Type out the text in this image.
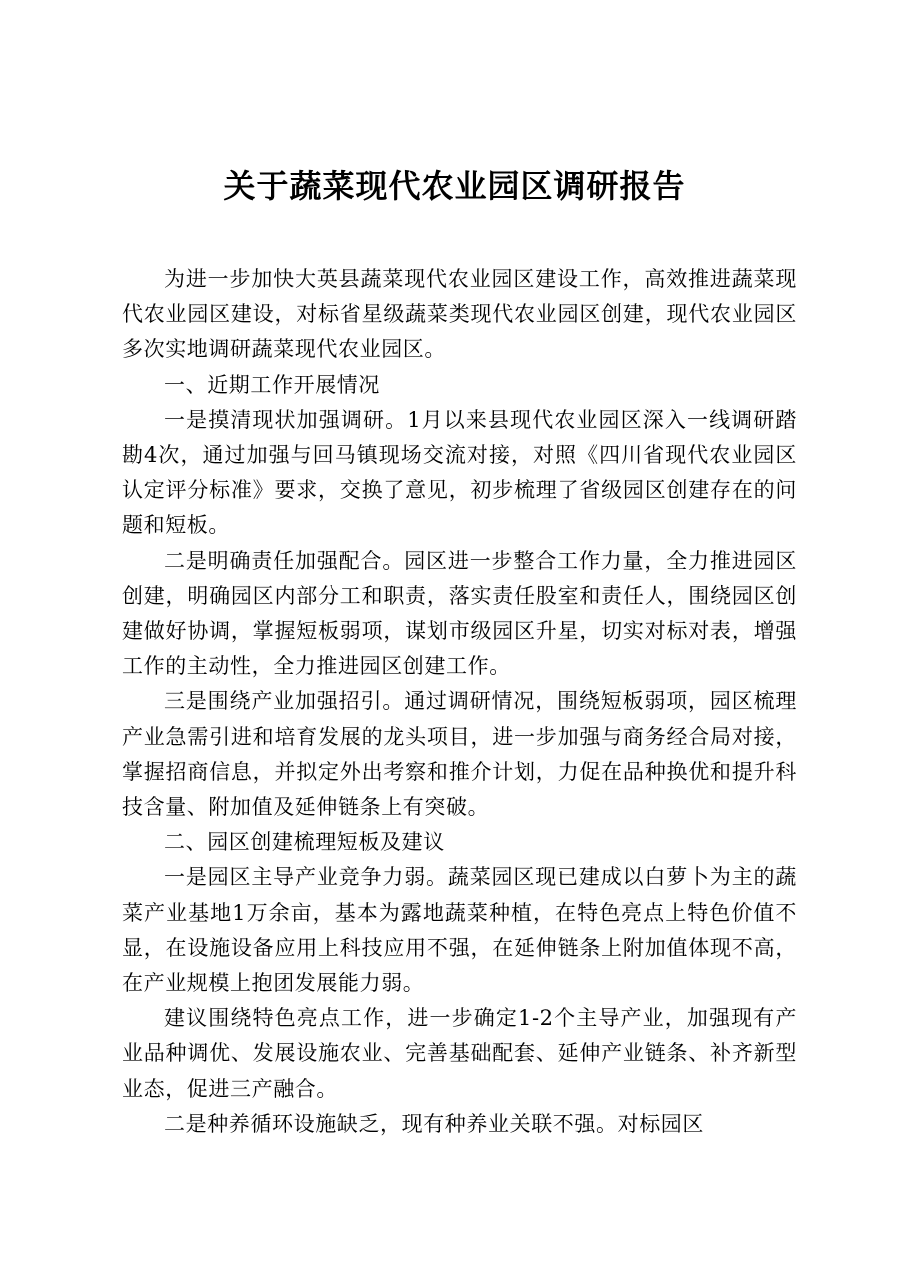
关于蔬菜现代农业园区调研报告

为进一步加快大英县蔬菜现代农业园区建设工作，高效推进蔬菜现代农业园区建设，对标省星级蔬菜类现代农业园区创建，现代农业园区多次实地调研蔬菜现代农业园区。

一、近期工作开展情况

一是摸清现状加强调研。1月以来县现代农业园区深入一线调研踏勘4次，通过加强与回马镇现场交流对接，对照《四川省现代农业园区认定评分标准》要求，交换了意见，初步梳理了省级园区创建存在的问题和短板。

二是明确责任加强配合。园区进一步整合工作力量，全力推进园区创建，明确园区内部分工和职责，落实责任股室和责任人，围绕园区创建做好协调，掌握短板弱项，谋划市级园区升星，切实对标对表，增强工作的主动性，全力推进园区创建工作。

三是围绕产业加强招引。通过调研情况，围绕短板弱项，园区梳理产业急需引进和培育发展的龙头项目，进一步加强与商务经合局对接，掌握招商信息，并拟定外出考察和推介计划，力促在品种换优和提升科技含量、附加值及延伸链条上有突破。

二、园区创建梳理短板及建议

一是园区主导产业竞争力弱。蔬菜园区现已建成以白萝卜为主的蔬菜产业基地1万余亩，基本为露地蔬菜种植，在特色亮点上特色价值不显，在设施设备应用上科技应用不强，在延伸链条上附加值体现不高，在产业规模上抱团发展能力弱。

建议围绕特色亮点工作，进一步确定1-2个主导产业，加强现有产业品种调优、发展设施农业、完善基础配套、延伸产业链条、补齐新型业态，促进三产融合。

二是种养循环设施缺乏，现有种养业关联不强。对标园区
